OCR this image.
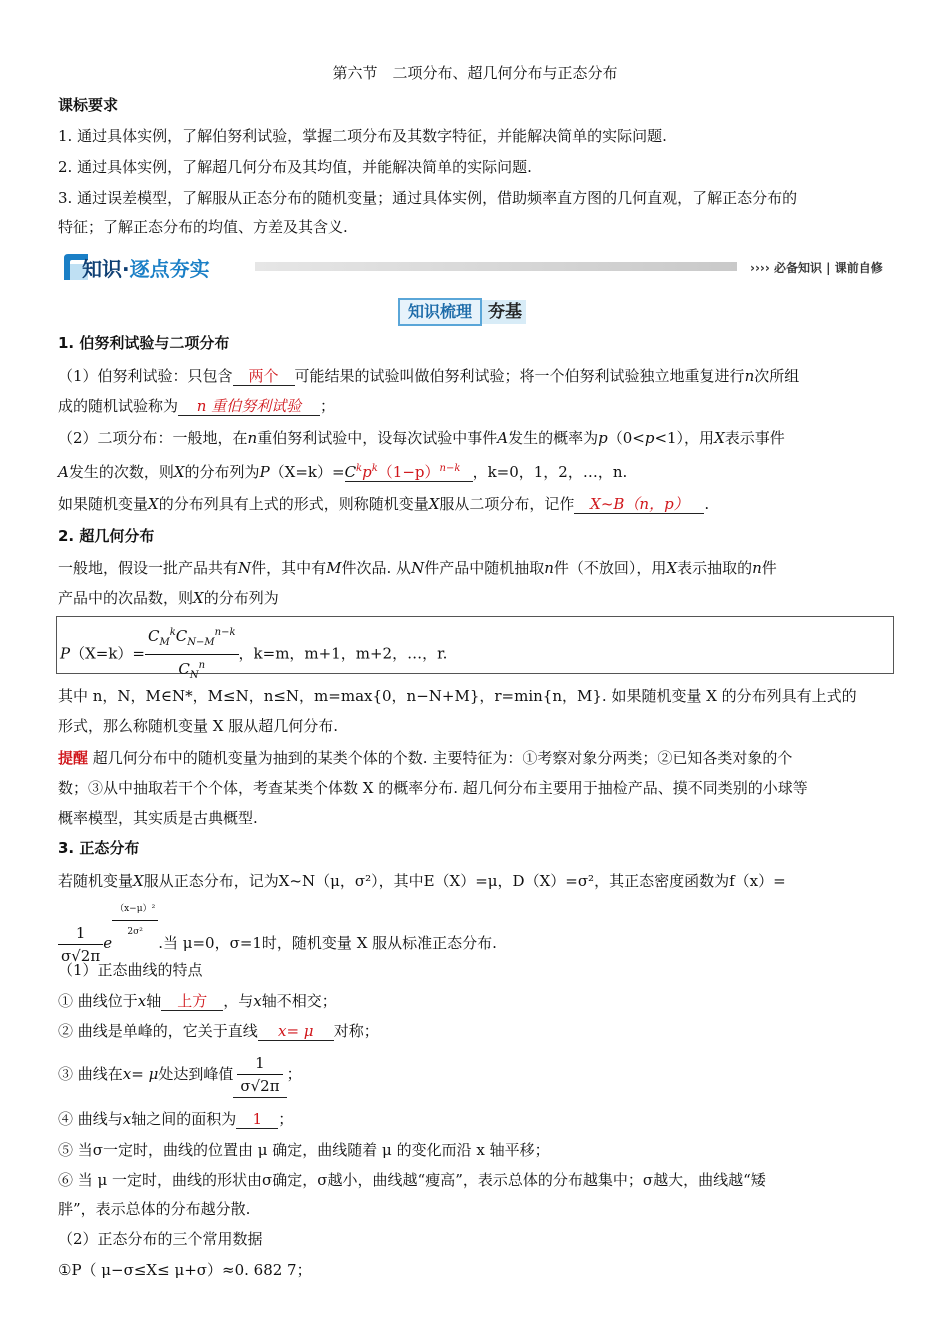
第六节　二项分布、超几何分布与正态分布
课标要求
1. 通过具体实例，了解伯努利试验，掌握二项分布及其数字特征，并能解决简单的实际问题.
2. 通过具体实例，了解超几何分布及其均值，并能解决简单的实际问题.
3. 通过误差模型，了解服从正态分布的随机变量；通过具体实例，借助频率直方图的几何直观，了解正态分布的
特征；了解正态分布的均值、方差及其含义.
知识·逐点夯实	›››› 必备知识 | 课前自修
知识梳理 夯基
1. 伯努利试验与二项分布
（1）伯努利试验：只包含 两个 可能结果的试验叫做伯努利试验；将一个伯努利试验独立地重复进行n次所组
成的随机试验称为 n 重伯努利试验 ；
（2）二项分布：一般地，在n重伯努利试验中，设每次试验中事件A发生的概率为p（0<p<1），用X表示事件
A发生的次数，则X的分布列为$P(X=k)=C^kp^k(1-p)^{n-k}$ ，k=0，1，2，…，n.
如果随机变量X的分布列具有上式的形式，则称随机变量X服从二项分布，记作 X~B（n，p） .
2. 超几何分布
一般地，假设一批产品共有N件，其中有M件次品. 从N件产品中随机抽取n件（不放回），用X表示抽取的n件
产品中的次品数，则X的分布列为
$P(X=k)= \frac{C_M^kC_{N-M}^{n-k}}{C_N^n}$ ，k=m，m+1，m+2，…，r.
其中 n，N，M∈N*，M≤N，n≤N，m=max{0，n−N+M}，r=min{n，M}. 如果随机变量 X 的分布列具有上式的
形式，那么称随机变量 X 服从超几何分布.
提醒 超几何分布中的随机变量为抽到的某类个体的个数. 主要特征为：①考察对象分两类；②已知各类对象的个
数；③从中抽取若干个个体，考查某类个体数 X 的概率分布. 超几何分布主要用于抽检产品、摸不同类别的小球等
概率模型，其实质是古典概型.
3. 正态分布
若随机变量X服从正态分布，记为X~N（μ，σ²），其中E（X）=μ，D（X）=σ²，其正态密度函数为f（x）=
$\frac{1}{\sigma√2\pi}$ e $\frac{\text{（x−μ）²}}{\text{2σ²}}$ .当 μ=0，σ=1时，随机变量 X 服从标准正态分布.
（1）正态曲线的特点
① 曲线位于x轴 上方 ，与x轴不相交；
② 曲线是单峰的，它关于直线 x= μ 对称；
③ 曲线在x= μ处达到峰值 $\frac{1}{\sigma√2\pi}$ ；
④ 曲线与x轴之间的面积为 1 ；
⑤ 当σ一定时，曲线的位置由 μ 确定，曲线随着 μ 的变化而沿 x 轴平移；
⑥ 当 μ 一定时，曲线的形状由σ确定，σ越小，曲线越“瘦高”，表示总体的分布越集中；σ越大，曲线越“矮
胖”，表示总体的分布越分散.
（2）正态分布的三个常用数据
①P（ μ−σ≤X≤ μ+σ）≈0. 682 7；
